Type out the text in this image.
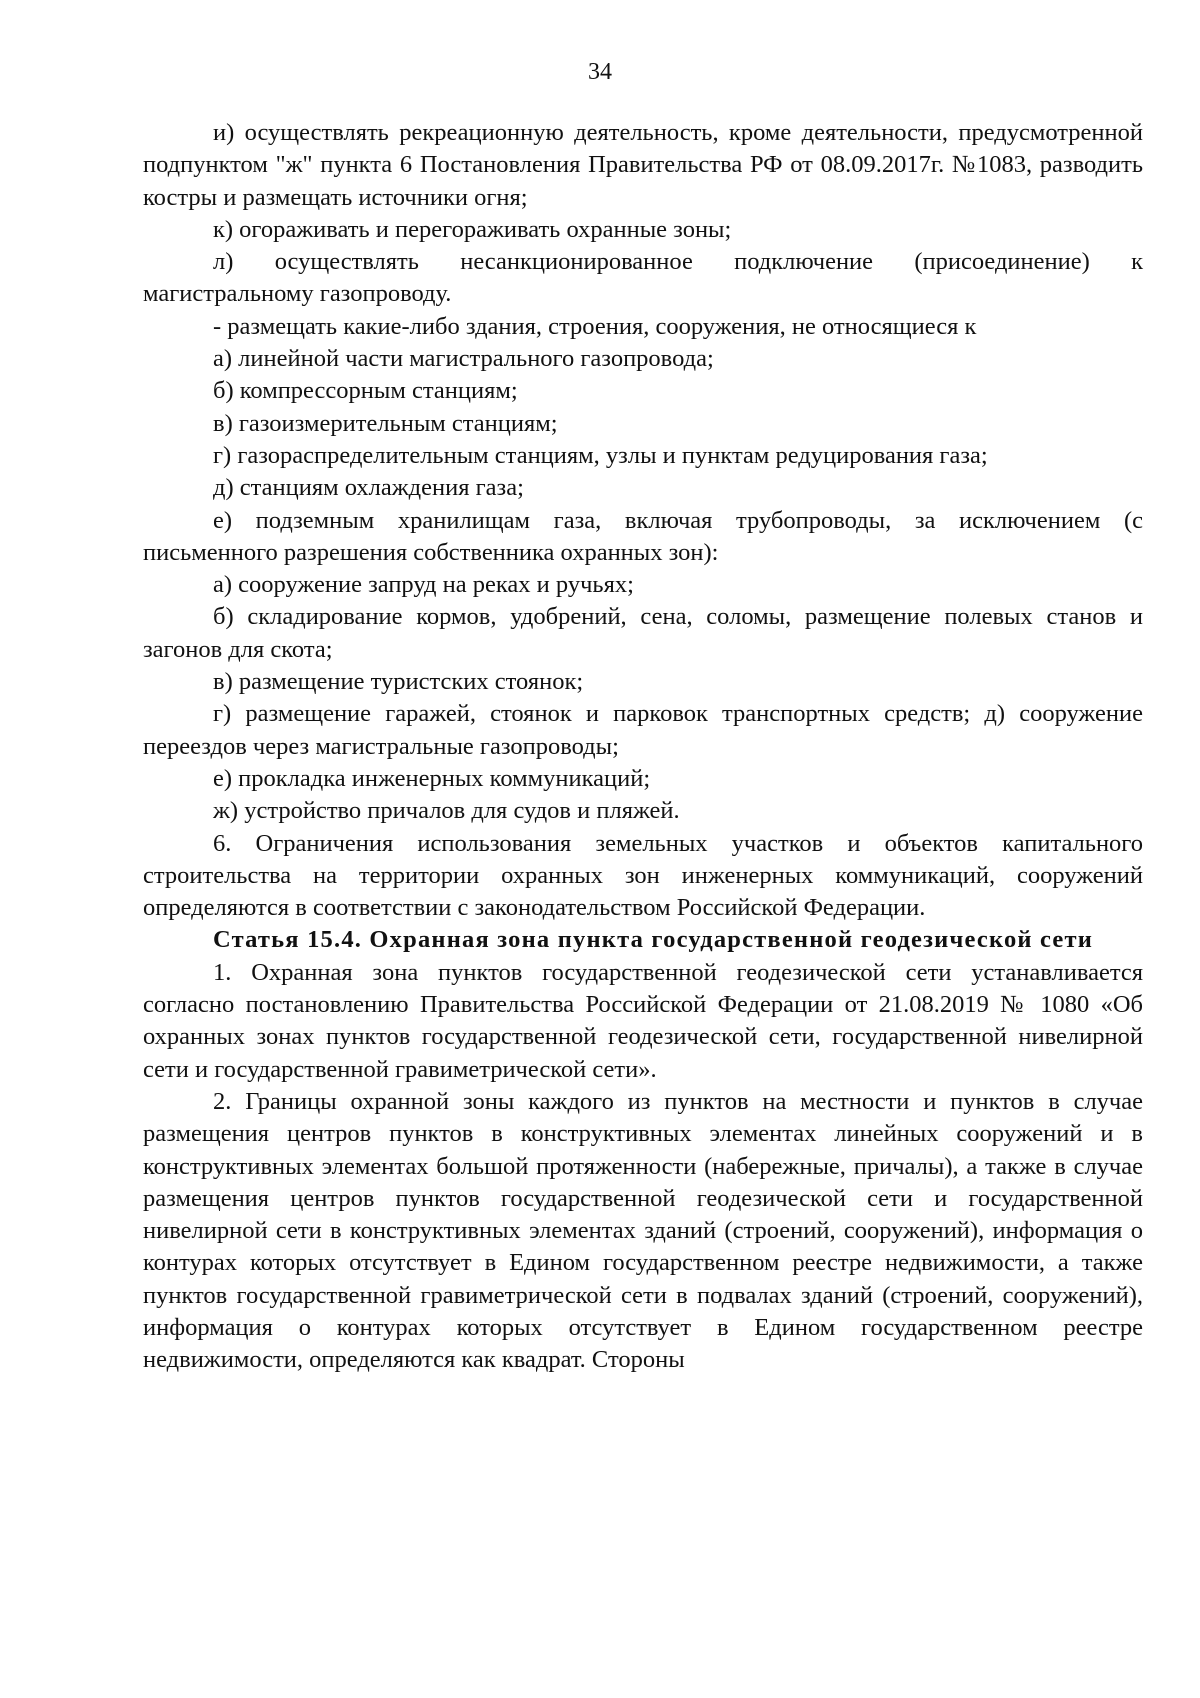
34

и) осуществлять рекреационную деятельность, кроме деятельности, предусмотренной подпунктом "ж" пункта 6 Постановления Правительства РФ от 08.09.2017г. №1083, разводить костры и размещать источники огня;

к) огораживать и перегораживать охранные зоны;

л) осуществлять несанкционированное подключение (присоединение) к магистральному газопроводу.

- размещать какие-либо здания, строения, сооружения, не относящиеся к

а) линейной части магистрального газопровода;

б) компрессорным станциям;

в) газоизмерительным станциям;

г) газораспределительным станциям, узлы и пунктам редуцирования газа;

д) станциям охлаждения газа;

е) подземным хранилищам газа, включая трубопроводы, за исключением (с письменного разрешения собственника охранных зон):

а) сооружение запруд на реках и ручьях;

б) складирование кормов, удобрений, сена, соломы, размещение полевых станов и загонов для скота;

в) размещение туристских стоянок;

г) размещение гаражей, стоянок и парковок транспортных средств; д) сооружение переездов через магистральные газопроводы;

е) прокладка инженерных коммуникаций;

ж) устройство причалов для судов и пляжей.

6. Ограничения использования земельных участков и объектов капитального строительства на территории охранных зон инженерных коммуникаций, сооружений определяются в соответствии с законодательством Российской Федерации.

Статья 15.4. Охранная зона пункта государственной геодезической сети

1. Охранная зона пунктов государственной геодезической сети устанавливается согласно постановлению Правительства Российской Федерации от 21.08.2019 № 1080 «Об охранных зонах пунктов государственной геодезической сети, государственной нивелирной сети и государственной гравиметрической сети».

2. Границы охранной зоны каждого из пунктов на местности и пунктов в случае размещения центров пунктов в конструктивных элементах линейных сооружений и в конструктивных элементах большой протяженности (набережные, причалы), а также в случае размещения центров пунктов государственной геодезической сети и государственной нивелирной сети в конструктивных элементах зданий (строений, сооружений), информация о контурах которых отсутствует в Едином государственном реестре недвижимости, а также пунктов государственной гравиметрической сети в подвалах зданий (строений, сооружений), информация о контурах которых отсутствует в Едином государственном реестре недвижимости, определяются как квадрат. Стороны
